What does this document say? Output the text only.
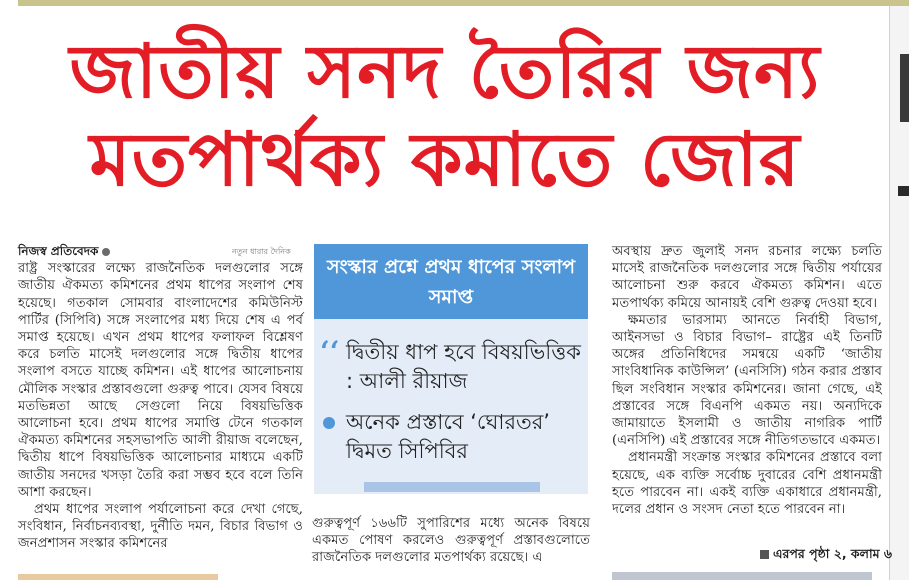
জাতীয় সনদ তৈরির জন্য
মতপার্থক্য কমাতে জোর
নতুন ধারার দৈনিক

নিজস্ব প্রতিবেদক

রাষ্ট্র সংস্কারের লক্ষ্যে রাজনৈতিক দলগুলোর সঙ্গে জাতীয় ঐকমত্য কমিশনের প্রথম ধাপের সংলাপ শেষ হয়েছে। গতকাল সোমবার বাংলাদেশের কমিউনিস্ট পার্টির (সিপিবি) সঙ্গে সংলাপের মধ্য দিয়ে শেষ এ পর্ব সমাপ্ত হয়েছে। এখন প্রথম ধাপের ফলাফল বিশ্লেষণ করে চলতি মাসেই দলগুলোর সঙ্গে দ্বিতীয় ধাপের সংলাপ বসতে যাচ্ছে কমিশন। এই ধাপের আলোচনায় মৌলিক সংস্কার প্রস্তাবগুলো গুরুত্ব পাবে। যেসব বিষয়ে মতভিন্নতা আছে সেগুলো নিয়ে বিষয়ভিত্তিক আলোচনা হবে। প্রথম ধাপের সমাপ্তি টেনে গতকাল ঐকমত্য কমিশনের সহসভাপতি আলী রীয়াজ বলেছেন, দ্বিতীয় ধাপে বিষয়ভিত্তিক আলোচনার মাধ্যমে একটি জাতীয় সনদের খসড়া তৈরি করা সম্ভব হবে বলে তিনি আশা করছেন।

প্রথম ধাপের সংলাপ পর্যালোচনা করে দেখা গেছে, সংবিধান, নির্বাচনব্যবস্থা, দুর্নীতি দমন, বিচার বিভাগ ও জনপ্রশাসন সংস্কার কমিশনের

সংস্কার প্রশ্নে প্রথম ধাপের সংলাপ সমাপ্ত
‘‘ দ্বিতীয় ধাপ হবে বিষয়ভিত্তিক : আলী রীয়াজ
অনেক প্রস্তাবে ‘ঘোরতর’ দ্বিমত সিপিবির
গুরুত্বপূর্ণ ১৬৬টি সুপারিশের মধ্যে অনেক বিষয়ে একমত পোষণ করলেও গুরুত্বপূর্ণ প্রস্তাবগুলোতে রাজনৈতিক দলগুলোর মতপার্থক্য রয়েছে। এ

অবস্থায় দ্রুত জুলাই সনদ রচনার লক্ষ্যে চলতি মাসেই রাজনৈতিক দলগুলোর সঙ্গে দ্বিতীয় পর্যায়ের আলোচনা শুরু করবে ঐকমত্য কমিশন। এতে মতপার্থক্য কমিয়ে আনায়ই বেশি গুরুত্ব দেওয়া হবে।

ক্ষমতার ভারসাম্য আনতে নির্বাহী বিভাগ, আইনসভা ও বিচার বিভাগ– রাষ্ট্রের এই তিনটি অঙ্গের প্রতিনিধিদের সমন্বয়ে একটি ‘জাতীয় সাংবিধানিক কাউন্সিল’ (এনসিসি) গঠন করার প্রস্তাব ছিল সংবিধান সংস্কার কমিশনের। জানা গেছে, এই প্রস্তাবের সঙ্গে বিএনপি একমত নয়। অন্যদিকে জামায়াতে ইসলামী ও জাতীয় নাগরিক পার্টি (এনসিপি) এই প্রস্তাবের সঙ্গে নীতিগতভাবে একমত।

প্রধানমন্ত্রী সংক্রান্ত সংস্কার কমিশনের প্রস্তাবে বলা হয়েছে, এক ব্যক্তি সর্বোচ্চ দুবারের বেশি প্রধানমন্ত্রী হতে পারবেন না। একই ব্যক্তি একাধারে প্রধানমন্ত্রী, দলের প্রধান ও সংসদ নেতা হতে পারবেন না।

এরপর পৃষ্ঠা ২, কলাম ৬
